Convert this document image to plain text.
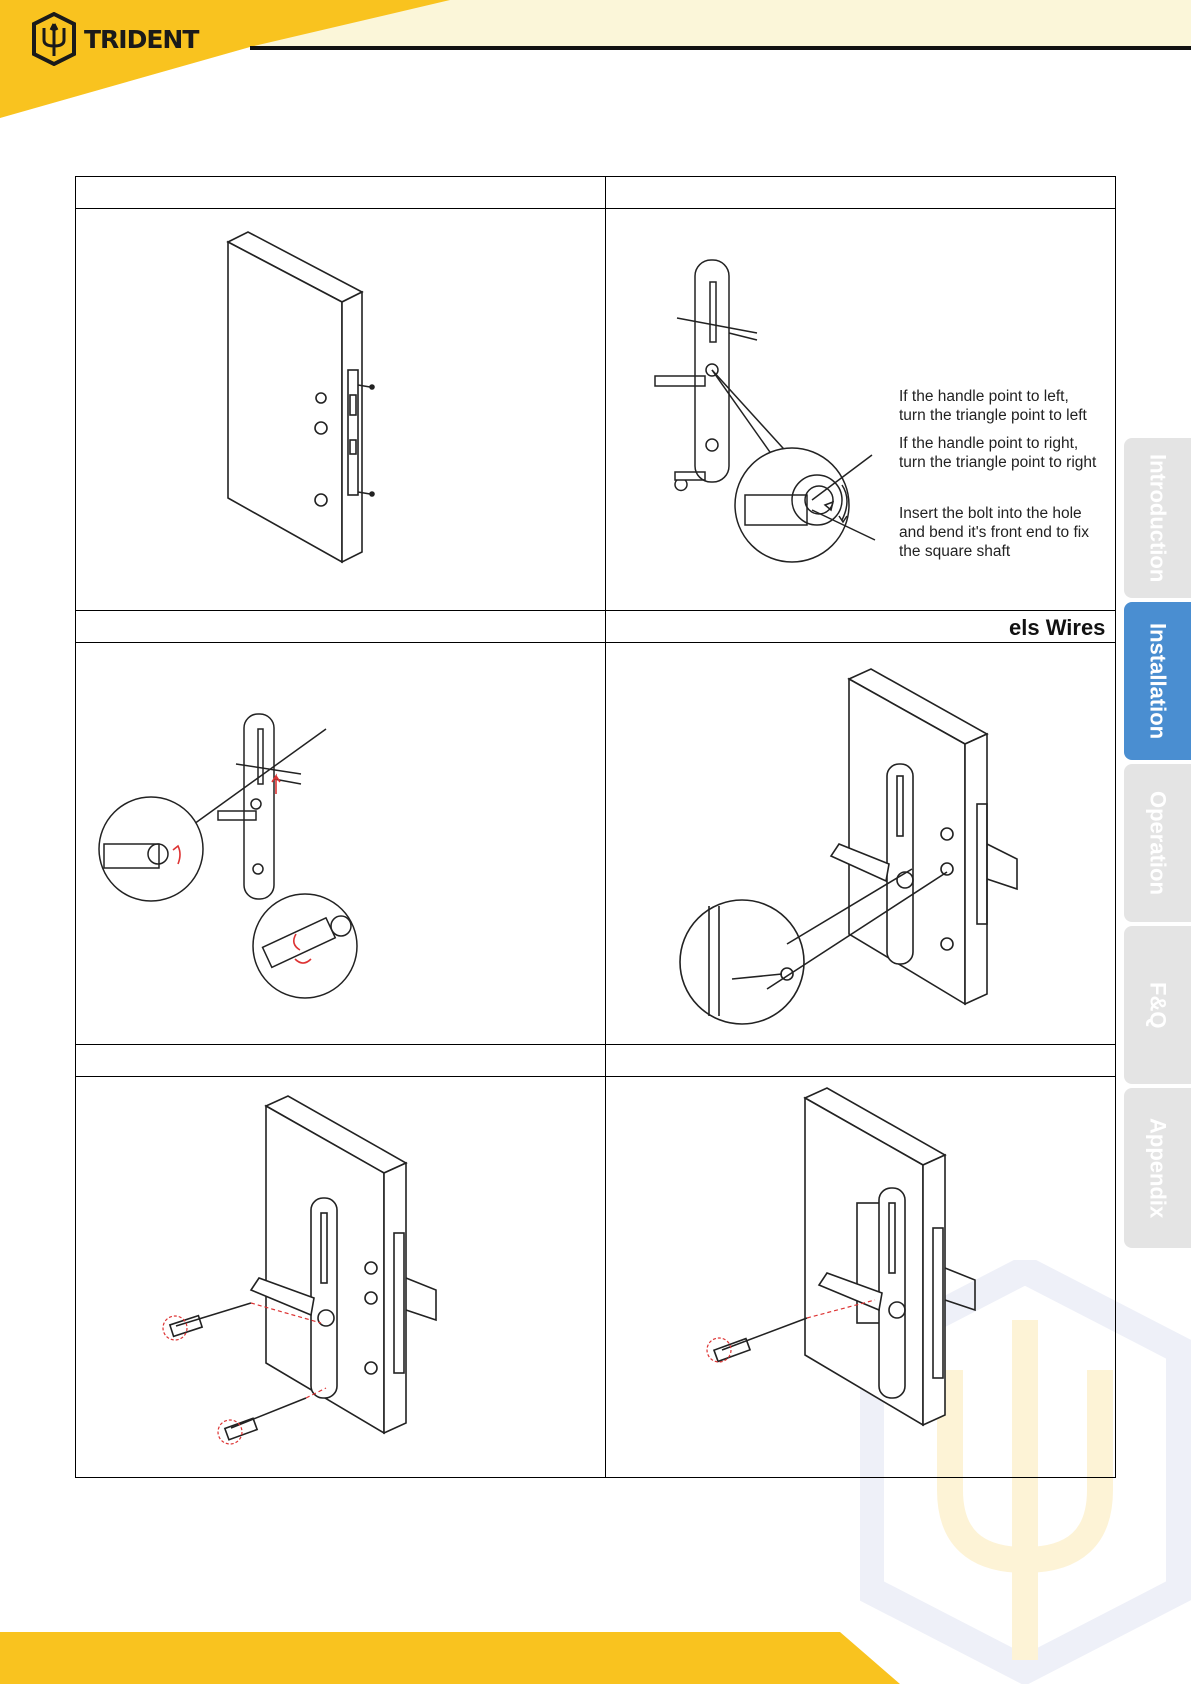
TRIDENT
Introduction
Installation
Operation
F&Q
Appendix
If the handle point to left,
turn the triangle point to left
If the handle point to right,
turn the triangle point to right
Insert the bolt into the hole
and bend it's front end to fix
the square shaft
els Wires
